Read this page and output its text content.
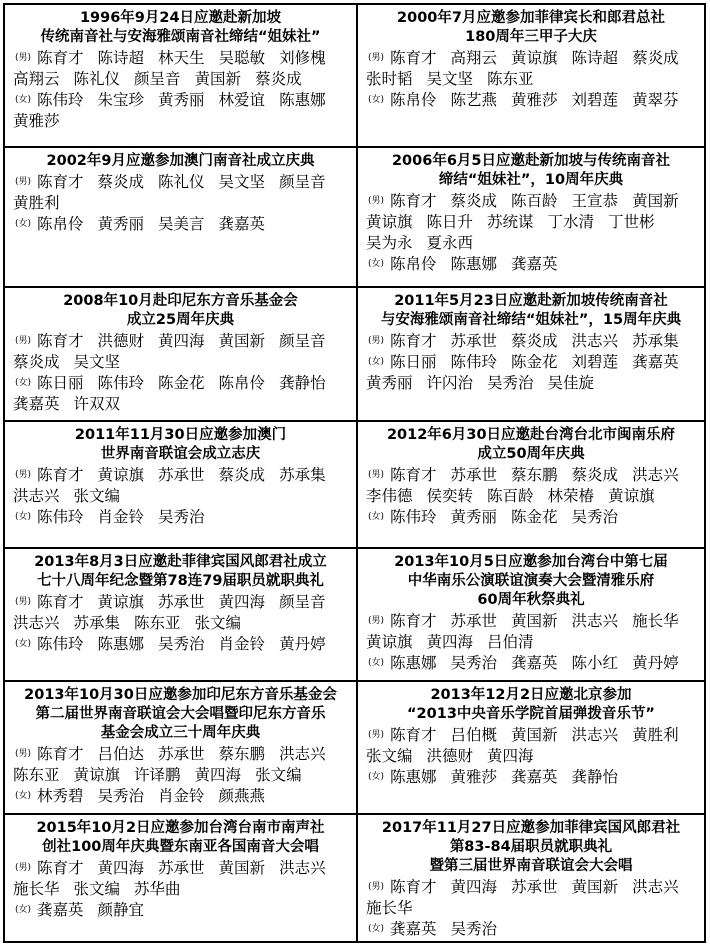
1996年9月24日应邀赴新加坡
传统南音社与安海雅颂南音社缔结“姐妹社”
(男) 陈育才 陈诗超 林天生 吴聪敏 刘修槐高翔云 陈礼仪 颜呈音 黄国新 蔡炎成
(女) 陈伟玲 朱宝珍 黄秀丽 林爱谊 陈惠娜黄雅莎
2000年7月应邀参加菲律宾长和郎君总社
180周年三甲子大庆
(男) 陈育才 高翔云 黄谅旗 陈诗超 蔡炎成张时韬 吴文坚 陈东亚
(女) 陈帛伶 陈艺燕 黄雅莎 刘碧莲 黄翠芬
2002年9月应邀参加澳门南音社成立庆典
(男) 陈育才 蔡炎成 陈礼仪 吴文坚 颜呈音黄胜利
(女) 陈帛伶 黄秀丽 吴美言 龚嘉英
2006年6月5日应邀赴新加坡与传统南音社
缔结“姐妹社”，10周年庆典
(男) 陈育才 蔡炎成 陈百龄 王宣恭 黄国新黄谅旗 陈日升 苏统谋 丁水清 丁世彬吴为永 夏永西
(女) 陈帛伶 陈惠娜 龚嘉英
2008年10月赴印尼东方音乐基金会
成立25周年庆典
(男) 陈育才 洪德财 黄四海 黄国新 颜呈音蔡炎成 吴文坚
(女) 陈日丽 陈伟玲 陈金花 陈帛伶 龚静怡龚嘉英 许双双
2011年5月23日应邀赴新加坡传统南音社
与安海雅颂南音社缔结“姐妹社”，15周年庆典
(男) 陈育才 苏承世 蔡炎成 洪志兴 苏承集
(女) 陈日丽 陈伟玲 陈金花 刘碧莲 龚嘉英黄秀丽 许闪治 吴秀治 吴佳旋
2011年11月30日应邀参加澳门
世界南音联谊会成立志庆
(男) 陈育才 黄谅旗 苏承世 蔡炎成 苏承集洪志兴 张文编
(女) 陈伟玲 肖金铃 吴秀治
2012年6月30日应邀赴台湾台北市闽南乐府
成立50周年庆典
(男) 陈育才 苏承世 蔡东鹏 蔡炎成 洪志兴李伟德 侯奕转 陈百龄 林荣椿 黄谅旗
(女) 陈伟玲 黄秀丽 陈金花 吴秀治
2013年8月3日应邀赴菲律宾国风郎君社成立
七十八周年纪念暨第78连79届职员就职典礼
(男) 陈育才 黄谅旗 苏承世 黄四海 颜呈音洪志兴 苏承集 陈东亚 张文编
(女) 陈伟玲 陈惠娜 吴秀治 肖金铃 黄丹婷
2013年10月5日应邀参加台湾台中第七届
中华南乐公演联谊演奏大会暨清雅乐府
60周年秋祭典礼
(男) 陈育才 苏承世 黄国新 洪志兴 施长华黄谅旗 黄四海 吕伯清
(女) 陈惠娜 吴秀治 龚嘉英 陈小红 黄丹婷
2013年10月30日应邀参加印尼东方音乐基金会
第二届世界南音联谊会大会唱暨印尼东方音乐
基金会成立三十周年庆典
(男) 陈育才 吕伯达 苏承世 蔡东鹏 洪志兴陈东亚 黄谅旗 许译鹏 黄四海 张文编
(女) 林秀碧 吴秀治 肖金铃 颜燕燕
2013年12月2日应邀北京参加
“2013中央音乐学院首届弹拨音乐节”
(男) 陈育才 吕伯概 黄国新 洪志兴 黄胜利张文编 洪德财 黄四海
(女) 陈惠娜 黄雅莎 龚嘉英 龚静怡
2015年10月2日应邀参加台湾台南市南声社
创社100周年庆典暨东南亚各国南音大会唱
(男) 陈育才 黄四海 苏承世 黄国新 洪志兴施长华 张文编 苏华曲
(女) 龚嘉英 颜静宜
2017年11月27日应邀参加菲律宾国风郎君社
第83-84届职员就职典礼
暨第三届世界南音联谊会大会唱
(男) 陈育才 黄四海 苏承世 黄国新 洪志兴施长华
(女) 龚嘉英 吴秀治
